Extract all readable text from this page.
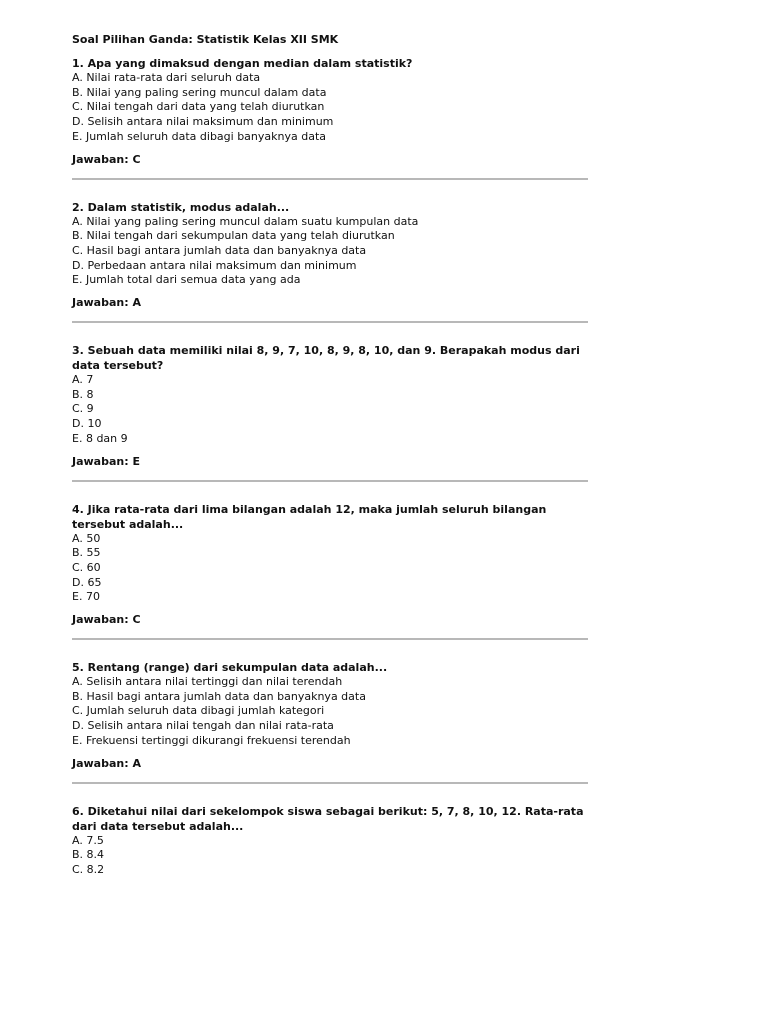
Soal Pilihan Ganda: Statistik Kelas XII SMK
1. Apa yang dimaksud dengan median dalam statistik?
A. Nilai rata-rata dari seluruh data
B. Nilai yang paling sering muncul dalam data
C. Nilai tengah dari data yang telah diurutkan
D. Selisih antara nilai maksimum dan minimum
E. Jumlah seluruh data dibagi banyaknya data
Jawaban: C
2. Dalam statistik, modus adalah...
A. Nilai yang paling sering muncul dalam suatu kumpulan data
B. Nilai tengah dari sekumpulan data yang telah diurutkan
C. Hasil bagi antara jumlah data dan banyaknya data
D. Perbedaan antara nilai maksimum dan minimum
E. Jumlah total dari semua data yang ada
Jawaban: A
3. Sebuah data memiliki nilai 8, 9, 7, 10, 8, 9, 8, 10, dan 9. Berapakah modus dari data tersebut?
A. 7
B. 8
C. 9
D. 10
E. 8 dan 9
Jawaban: E
4. Jika rata-rata dari lima bilangan adalah 12, maka jumlah seluruh bilangan tersebut adalah...
A. 50
B. 55
C. 60
D. 65
E. 70
Jawaban: C
5. Rentang (range) dari sekumpulan data adalah...
A. Selisih antara nilai tertinggi dan nilai terendah
B. Hasil bagi antara jumlah data dan banyaknya data
C. Jumlah seluruh data dibagi jumlah kategori
D. Selisih antara nilai tengah dan nilai rata-rata
E. Frekuensi tertinggi dikurangi frekuensi terendah
Jawaban: A
6. Diketahui nilai dari sekelompok siswa sebagai berikut: 5, 7, 8, 10, 12. Rata-rata dari data tersebut adalah...
A. 7.5
B. 8.4
C. 8.2
